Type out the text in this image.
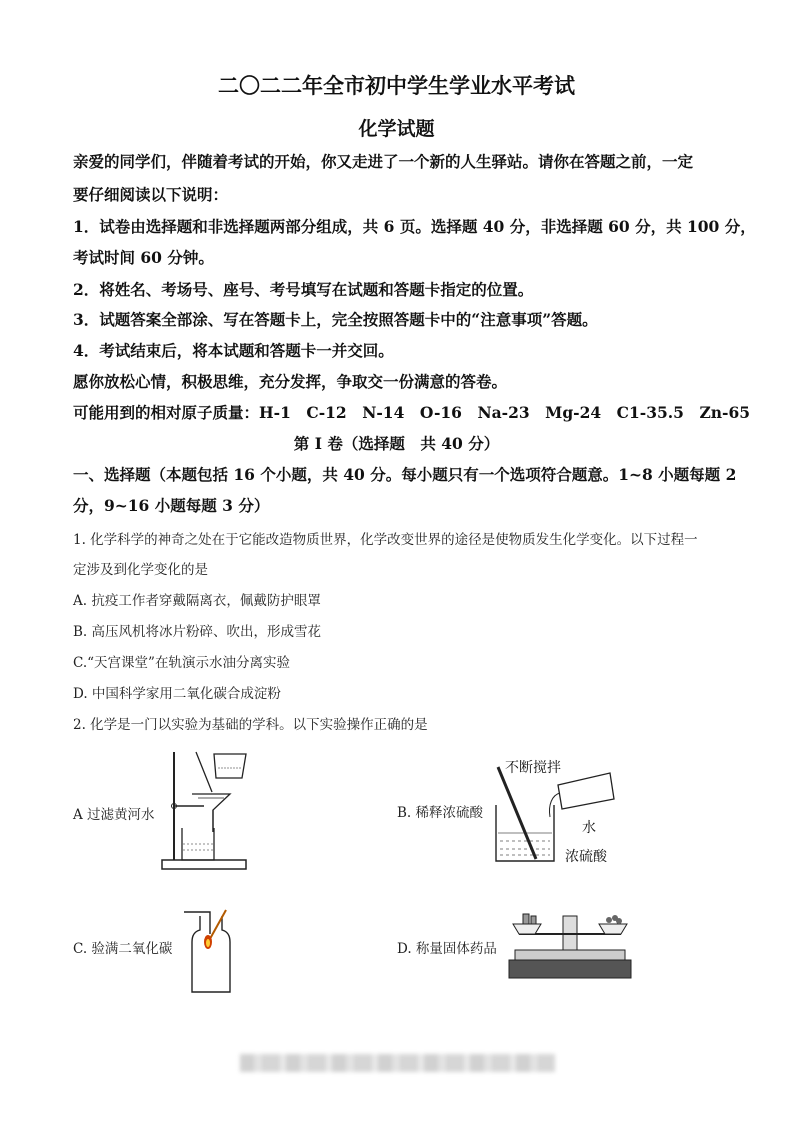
二〇二二年全市初中学生学业水平考试
化学试题
亲爱的同学们，伴随着考试的开始，你又走进了一个新的人生驿站。请你在答题之前，一定
要仔细阅读以下说明：
1．试卷由选择题和非选择题两部分组成，共 6 页。选择题 40 分，非选择题 60 分，共 100 分，
考试时间 60 分钟。
2．将姓名、考场号、座号、考号填写在试题和答题卡指定的位置。
3．试题答案全部涂、写在答题卡上，完全按照答题卡中的“注意事项”答题。
4．考试结束后，将本试题和答题卡一并交回。
愿你放松心情，积极思维，充分发挥，争取交一份满意的答卷。
可能用到的相对原子质量：H-1　C-12　N-14　O-16　Na-23　Mg-24　C1-35.5　Zn-65
第 I 卷（选择题　共 40 分）
一、选择题（本题包括 16 个小题，共 40 分。每小题只有一个选项符合题意。1~8 小题每题 2
分，9~16 小题每题 3 分）
1. 化学科学的神奇之处在于它能改造物质世界，化学改变世界的途径是使物质发生化学变化。以下过程一
定涉及到化学变化的是
A. 抗疫工作者穿戴隔离衣，佩戴防护眼罩
B. 高压风机将冰片粉碎、吹出，形成雪花
C.“天宫课堂”在轨演示水油分离实验
D. 中国科学家用二氧化碳合成淀粉
2. 化学是一门以实验为基础的学科。以下实验操作正确的是
A 过滤黄河水	B. 稀释浓硫酸
C. 验满二氧化碳	D. 称量固体药品
不断搅拌
水
浓硫酸
